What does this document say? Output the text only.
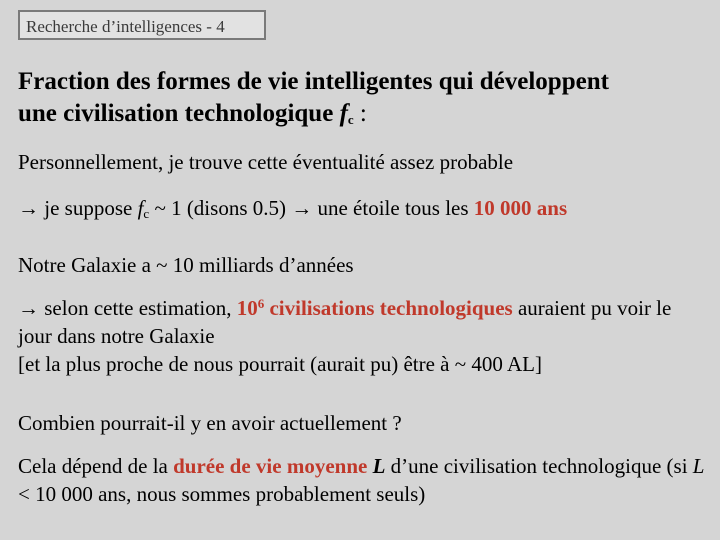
Recherche d’intelligences - 4
Fraction des formes de vie intelligentes qui développent
une civilisation technologique $f_c$ :

Personnellement, je trouve cette éventualité assez probable

→ je suppose $f_c$ ~ 1 (disons 0.5) → une étoile tous les 10 000 ans

Notre Galaxie a ~ 10 milliards d’années

→ selon cette estimation, $10^6$ civilisations technologiques auraient pu voir le jour dans notre Galaxie
[et la plus proche de nous pourrait (aurait pu) être à ~ 400 AL]

Combien pourrait-il y en avoir actuellement ?

Cela dépend de la durée de vie moyenne L d’une civilisation technologique (si L < 10 000 ans, nous sommes probablement seuls)
